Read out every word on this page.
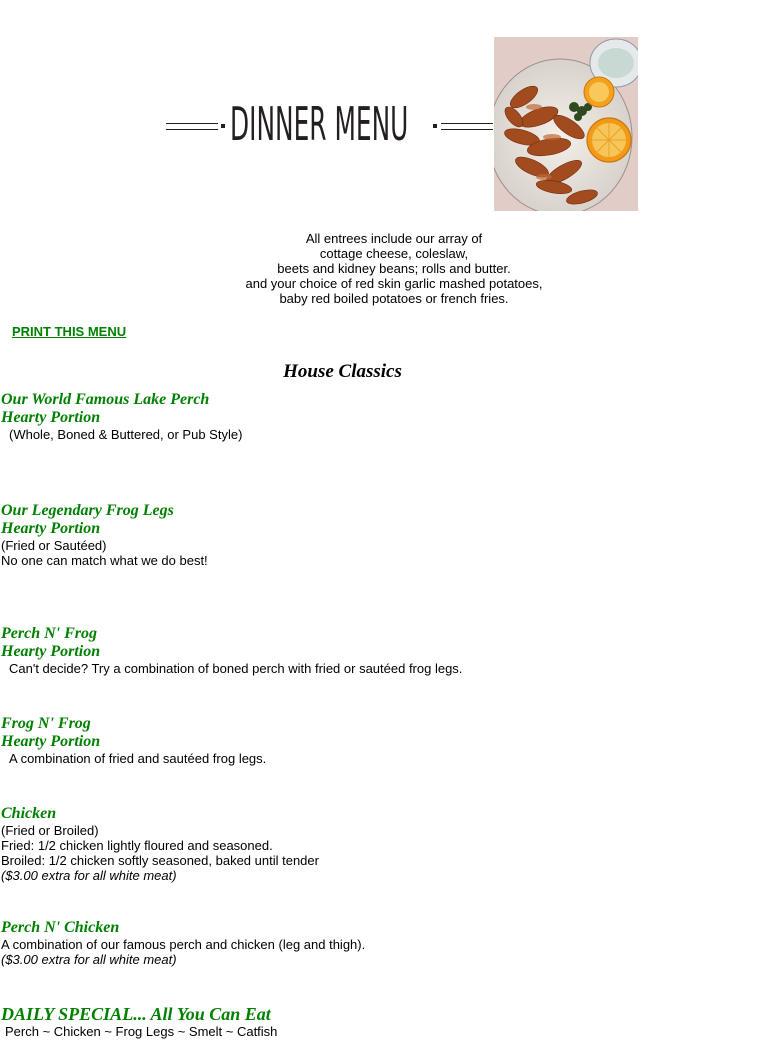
DINNER MENU
All entrees include our array of
cottage cheese, coleslaw,
beets and kidney beans; rolls and butter.
and your choice of red skin garlic mashed potatoes,
baby red boiled potatoes or french fries.
PRINT THIS MENU
House Classics
Our World Famous Lake Perch
Hearty Portion
(Whole, Boned & Buttered, or Pub Style)
Our Legendary Frog Legs
Hearty Portion
(Fried or Sautéed)
No one can match what we do best!
Perch N' Frog
Hearty Portion
Can't decide? Try a combination of boned perch with fried or sautéed frog legs.
Frog N' Frog
Hearty Portion
A combination of fried and sautéed frog legs.
Chicken
(Fried or Broiled)
Fried: 1/2 chicken lightly floured and seasoned.
Broiled: 1/2 chicken softly seasoned, baked until tender
($3.00 extra for all white meat)
Perch N' Chicken
A combination of our famous perch and chicken (leg and thigh).
($3.00 extra for all white meat)
DAILY SPECIAL... All You Can Eat
Perch ~ Chicken ~ Frog Legs ~ Smelt ~ Catfish
